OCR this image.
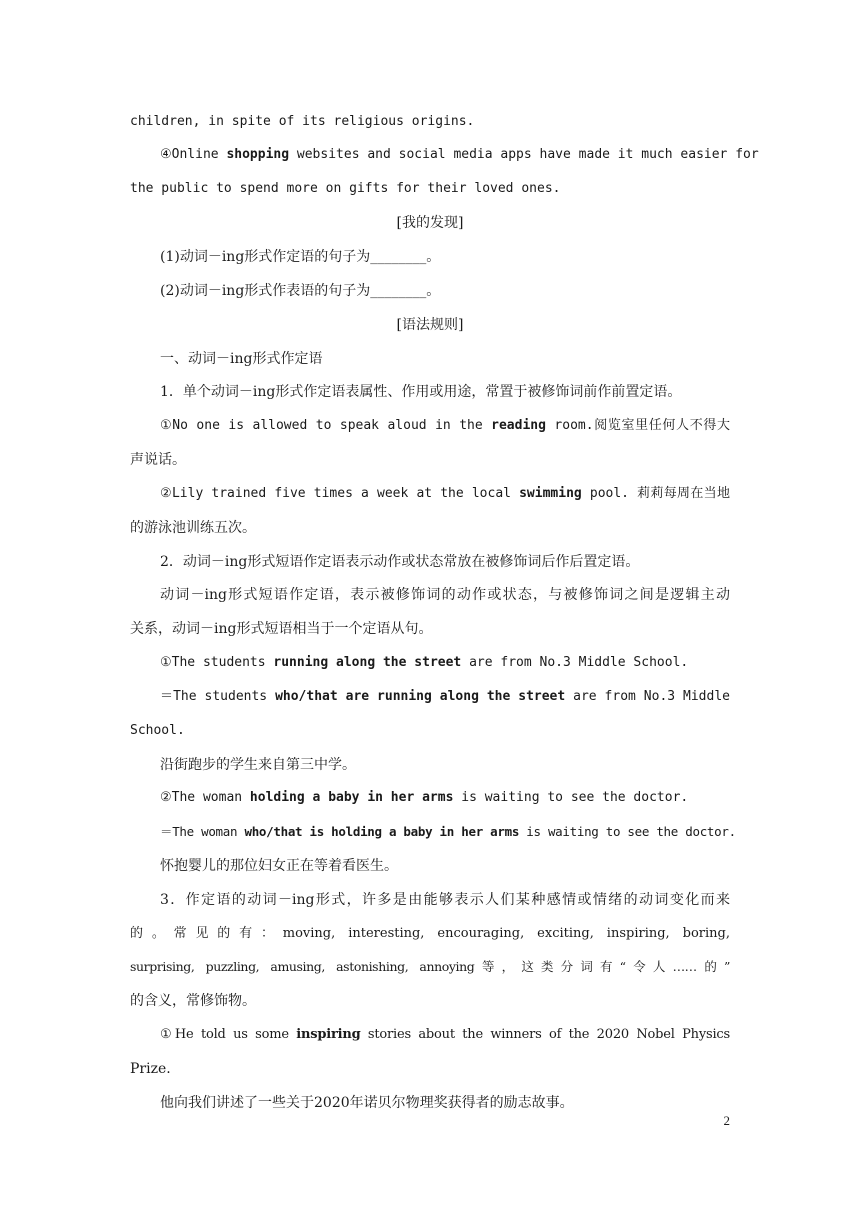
children, in spite of its religious origins.
④Online shopping websites and social media apps have made it much easier for
the public to spend more on gifts for their loved ones.
[我的发现]
(1)动词－ing形式作定语的句子为________。
(2)动词－ing形式作表语的句子为________。
[语法规则]
一、动词－ing形式作定语
1．单个动词－ing形式作定语表属性、作用或用途，常置于被修饰词前作前置定语。
①No one is allowed to speak aloud in the reading room.阅览室里任何人不得大
声说话。
②Lily trained five times a week at the local swimming pool. 莉莉每周在当地
的游泳池训练五次。
2．动词－ing形式短语作定语表示动作或状态常放在被修饰词后作后置定语。
动词－ing形式短语作定语，表示被修饰词的动作或状态，与被修饰词之间是逻辑主动
关系，动词－ing形式短语相当于一个定语从句。
①The students running along the street are from No.3 Middle School.
＝The students who/that are running along the street are from No.3 Middle
School.
沿街跑步的学生来自第三中学。
②The woman holding a baby in her arms is waiting to see the doctor.
＝The woman who/that is holding a baby in her arms is waiting to see the doctor.
怀抱婴儿的那位妇女正在等着看医生。
3．作定语的动词－ing形式，许多是由能够表示人们某种感情或情绪的动词变化而来
的。常见的有：moving, interesting, encouraging, exciting, inspiring, boring,
surprising, puzzling, amusing, astonishing, annoying等，这类分词有“令人……的”
的含义，常修饰物。
①He told us some inspiring stories about the winners of the 2020 Nobel Physics
Prize.
他向我们讲述了一些关于2020年诺贝尔物理奖获得者的励志故事。
2
